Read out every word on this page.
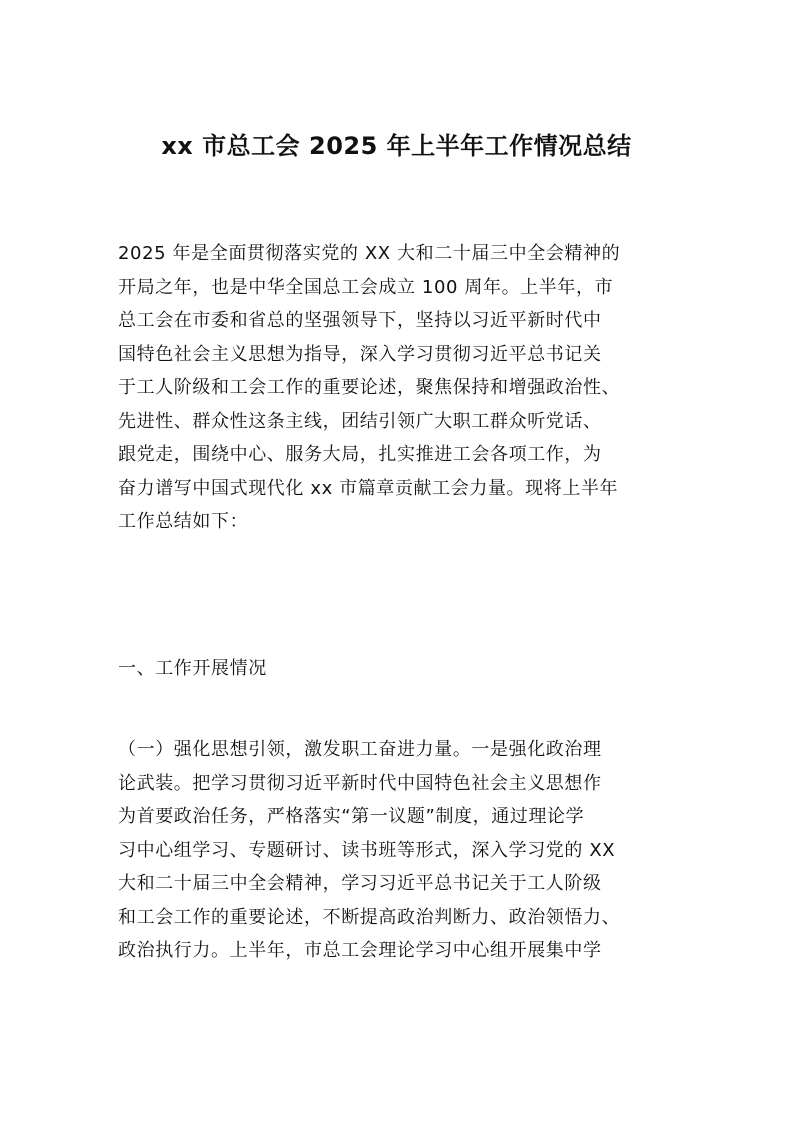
xx 市总工会 2025 年上半年工作情况总结
2025 年是全面贯彻落实党的 XX 大和二十届三中全会精神的
开局之年，也是中华全国总工会成立 100 周年。上半年，市
总工会在市委和省总的坚强领导下，坚持以习近平新时代中
国特色社会主义思想为指导，深入学习贯彻习近平总书记关
于工人阶级和工会工作的重要论述，聚焦保持和增强政治性、
先进性、群众性这条主线，团结引领广大职工群众听党话、
跟党走，围绕中心、服务大局，扎实推进工会各项工作，为
奋力谱写中国式现代化 xx 市篇章贡献工会力量。现将上半年
工作总结如下：
一、工作开展情况
（一）强化思想引领，激发职工奋进力量。一是强化政治理
论武装。把学习贯彻习近平新时代中国特色社会主义思想作
为首要政治任务，严格落实“第一议题”制度，通过理论学
习中心组学习、专题研讨、读书班等形式，深入学习党的 XX
大和二十届三中全会精神，学习习近平总书记关于工人阶级
和工会工作的重要论述，不断提高政治判断力、政治领悟力、
政治执行力。上半年，市总工会理论学习中心组开展集中学
